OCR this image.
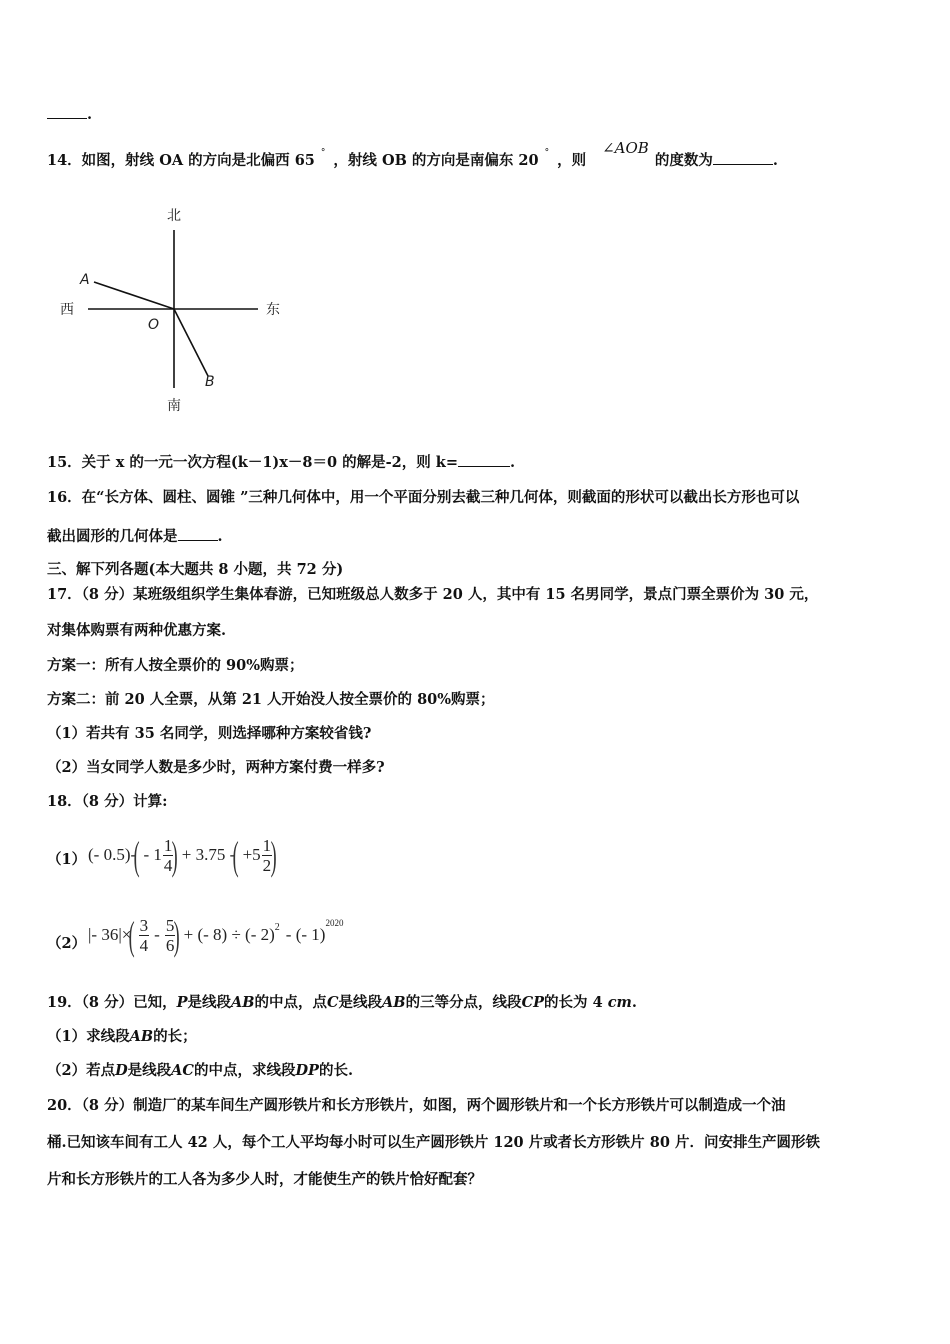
.
14．如图，射线 OA 的方向是北偏西 65 ° ，射线 OB 的方向是南偏东 20 ° ，则∠AOB的度数为	.
北
南
西	东
A
O
B
15．关于 x 的一元一次方程(k－1)x－8＝0 的解是-2，则 k=	.
16．在“长方体、圆柱、圆锥 ”三种几何体中，用一个平面分别去截三种几何体，则截面的形状可以截出长方形也可以
截出圆形的几何体是	.
三、解下列各题(本大题共 8 小题，共 72 分)
17．（8 分）某班级组织学生集体春游，已知班级总人数多于 20 人，其中有 15 名男同学，景点门票全票价为 30 元，
对集体购票有两种优惠方案.
方案一：所有人按全票价的 90%购票；
方案二：前 20 人全票，从第 21 人开始没人按全票价的 80%购票；
（1）若共有 35 名同学，则选择哪种方案较省钱?
（2）当女同学人数是多少时，两种方案付费一样多?
18．（8 分）计算:
（1） (- 0.5)-
( - $1 \frac{1}{4}$
) + 3.75 -
( $+5 \frac{1}{2}$
)
（2） |- 36|×
( $\frac{3}{4} - \frac{5}{6}$
) + (- 8) ÷ (- 2)$^2$ - (- 1)
$^{2020}$
19．（8 分）已知，P是线段AB的中点，点C是线段AB的三等分点，线段CP的长为 4 cm.
（1）求线段AB的长；
（2）若点D是线段AC的中点，求线段DP的长.
20．（8 分）制造厂的某车间生产圆形铁片和长方形铁片，如图，两个圆形铁片和一个长方形铁片可以制造成一个油
桶.已知该车间有工人 42 人，每个工人平均每小时可以生产圆形铁片 120 片或者长方形铁片 80 片．问安排生产圆形铁
片和长方形铁片的工人各为多少人时，才能使生产的铁片恰好配套？
